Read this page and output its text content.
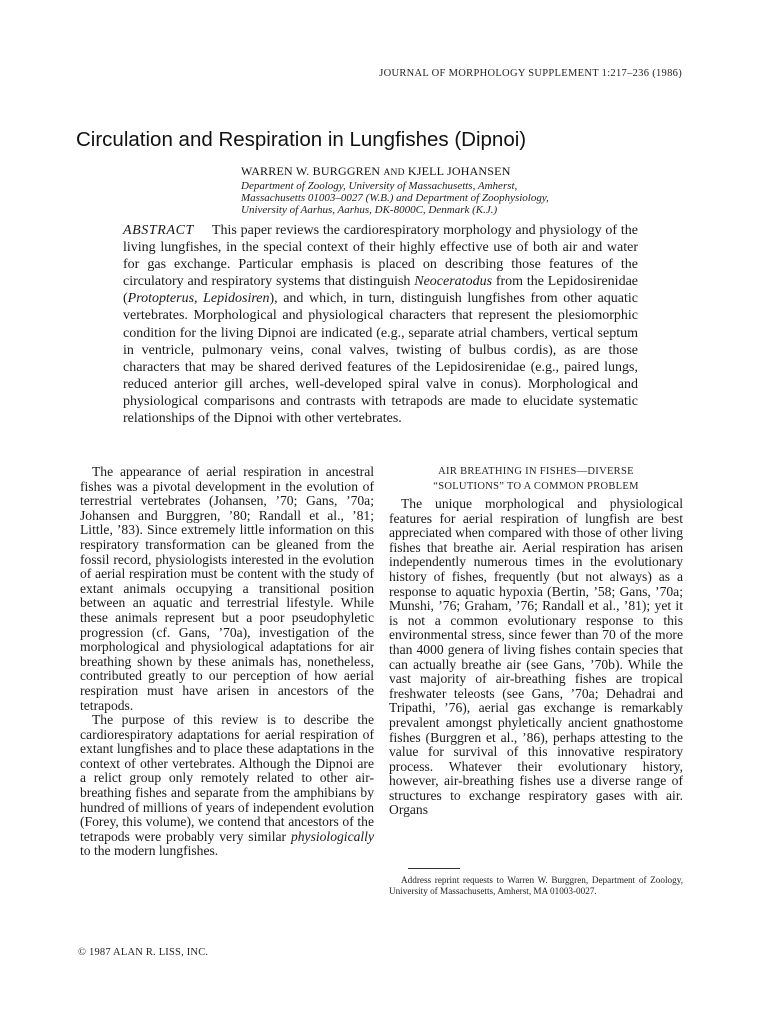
JOURNAL OF MORPHOLOGY SUPPLEMENT 1:217–236 (1986)
Circulation and Respiration in Lungfishes (Dipnoi)
WARREN W. BURGGREN AND KJELL JOHANSEN
Department of Zoology, University of Massachusetts, Amherst,
Massachusetts 01003–0027 (W.B.) and Department of Zoophysiology,
University of Aarhus, Aarhus, DK-8000C, Denmark (K.J.)
ABSTRACT This paper reviews the cardiorespiratory morphology and physiology of the living lungfishes, in the special context of their highly effective use of both air and water for gas exchange. Particular emphasis is placed on describing those features of the circulatory and respiratory systems that distinguish Neoceratodus from the Lepidosirenidae (Protopterus, Lepidosiren), and which, in turn, distinguish lungfishes from other aquatic vertebrates. Morphological and physiological characters that represent the plesiomorphic condition for the living Dipnoi are indicated (e.g., separate atrial chambers, vertical septum in ventricle, pulmonary veins, conal valves, twisting of bulbus cordis), as are those characters that may be shared derived features of the Lepidosirenidae (e.g., paired lungs, reduced anterior gill arches, well-developed spiral valve in conus). Morphological and physiological comparisons and contrasts with tetrapods are made to elucidate systematic relationships of the Dipnoi with other vertebrates.

The appearance of aerial respiration in ancestral fishes was a pivotal development in the evolution of terrestrial vertebrates (Johansen, ’70; Gans, ’70a; Johansen and Burggren, ’80; Randall et al., ’81; Little, ’83). Since extremely little information on this respiratory transformation can be gleaned from the fossil record, physiologists interested in the evolution of aerial respiration must be content with the study of extant animals occupying a transitional position between an aquatic and terrestrial lifestyle. While these animals represent but a poor pseudophyletic progression (cf. Gans, ’70a), investigation of the morphological and physiological adaptations for air breathing shown by these animals has, nonetheless, contributed greatly to our perception of how aerial respiration must have arisen in ancestors of the tetrapods.

The purpose of this review is to describe the cardiorespiratory adaptations for aerial respiration of extant lungfishes and to place these adaptations in the context of other vertebrates. Although the Dipnoi are a relict group only remotely related to other air-breathing fishes and separate from the amphibians by hundred of millions of years of independent evolution (Forey, this volume), we contend that ancestors of the tetrapods were probably very similar physiologically to the modern lungfishes.

AIR BREATHING IN FISHES—DIVERSE
“SOLUTIONS” TO A COMMON PROBLEM

The unique morphological and physiological features for aerial respiration of lungfish are best appreciated when compared with those of other living fishes that breathe air. Aerial respiration has arisen independently numerous times in the evolutionary history of fishes, frequently (but not always) as a response to aquatic hypoxia (Bertin, ’58; Gans, ’70a; Munshi, ’76; Graham, ’76; Randall et al., ’81); yet it is not a common evolutionary response to this environmental stress, since fewer than 70 of the more than 4000 genera of living fishes contain species that can actually breathe air (see Gans, ’70b). While the vast majority of air-breathing fishes are tropical freshwater teleosts (see Gans, ’70a; Dehadrai and Tripathi, ’76), aerial gas exchange is remarkably prevalent amongst phyletically ancient gnathostome fishes (Burggren et al., ’86), perhaps attesting to the value for survival of this innovative respiratory process. Whatever their evolutionary history, however, air-breathing fishes use a diverse range of structures to exchange respiratory gases with air. Organs

Address reprint requests to Warren W. Burggren, Department of Zoology, University of Massachusetts, Amherst, MA 01003-0027.
© 1987 ALAN R. LISS, INC.
